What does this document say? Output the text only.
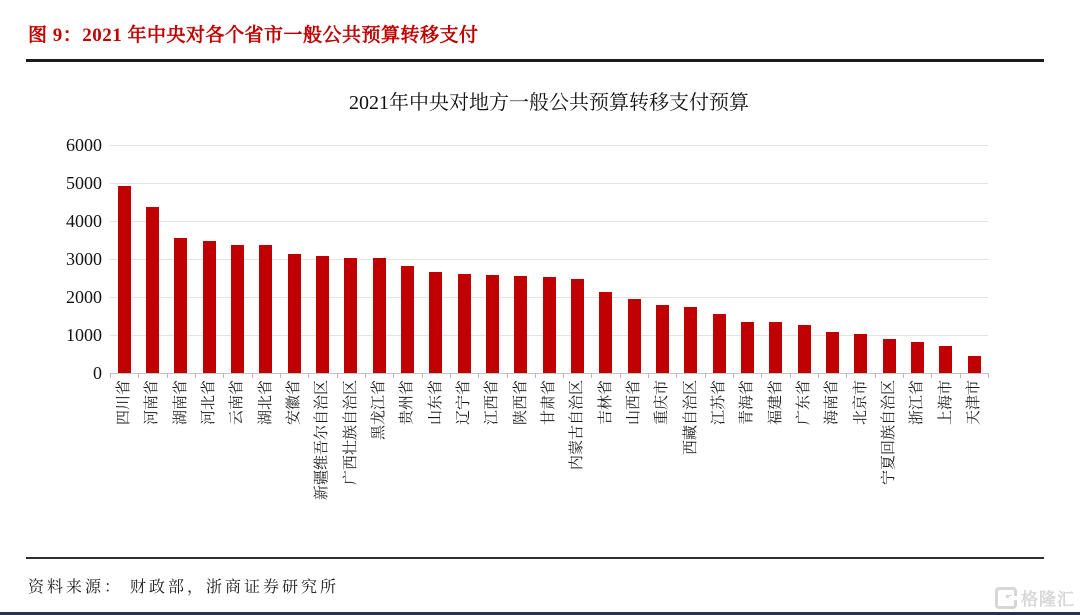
图 9：2021 年中央对各个省市一般公共预算转移支付
2021年中央对地方一般公共预算转移支付预算
6000
5000
4000
3000
2000
1000
0
四川省 河南省 湖南省 河北省 云南省 湖北省 安徽省 新疆维吾尔自治区 广西壮族自治区 黑龙江省 贵州省 山东省 辽宁省 江西省 陕西省 甘肃省 内蒙古自治区 吉林省 山西省 重庆市 西藏自治区 江苏省 青海省 福建省 广东省 海南省 北京市 宁夏回族自治区 浙江省 上海市 天津市
资料来源： 财政部，浙商证券研究所
格隆汇
